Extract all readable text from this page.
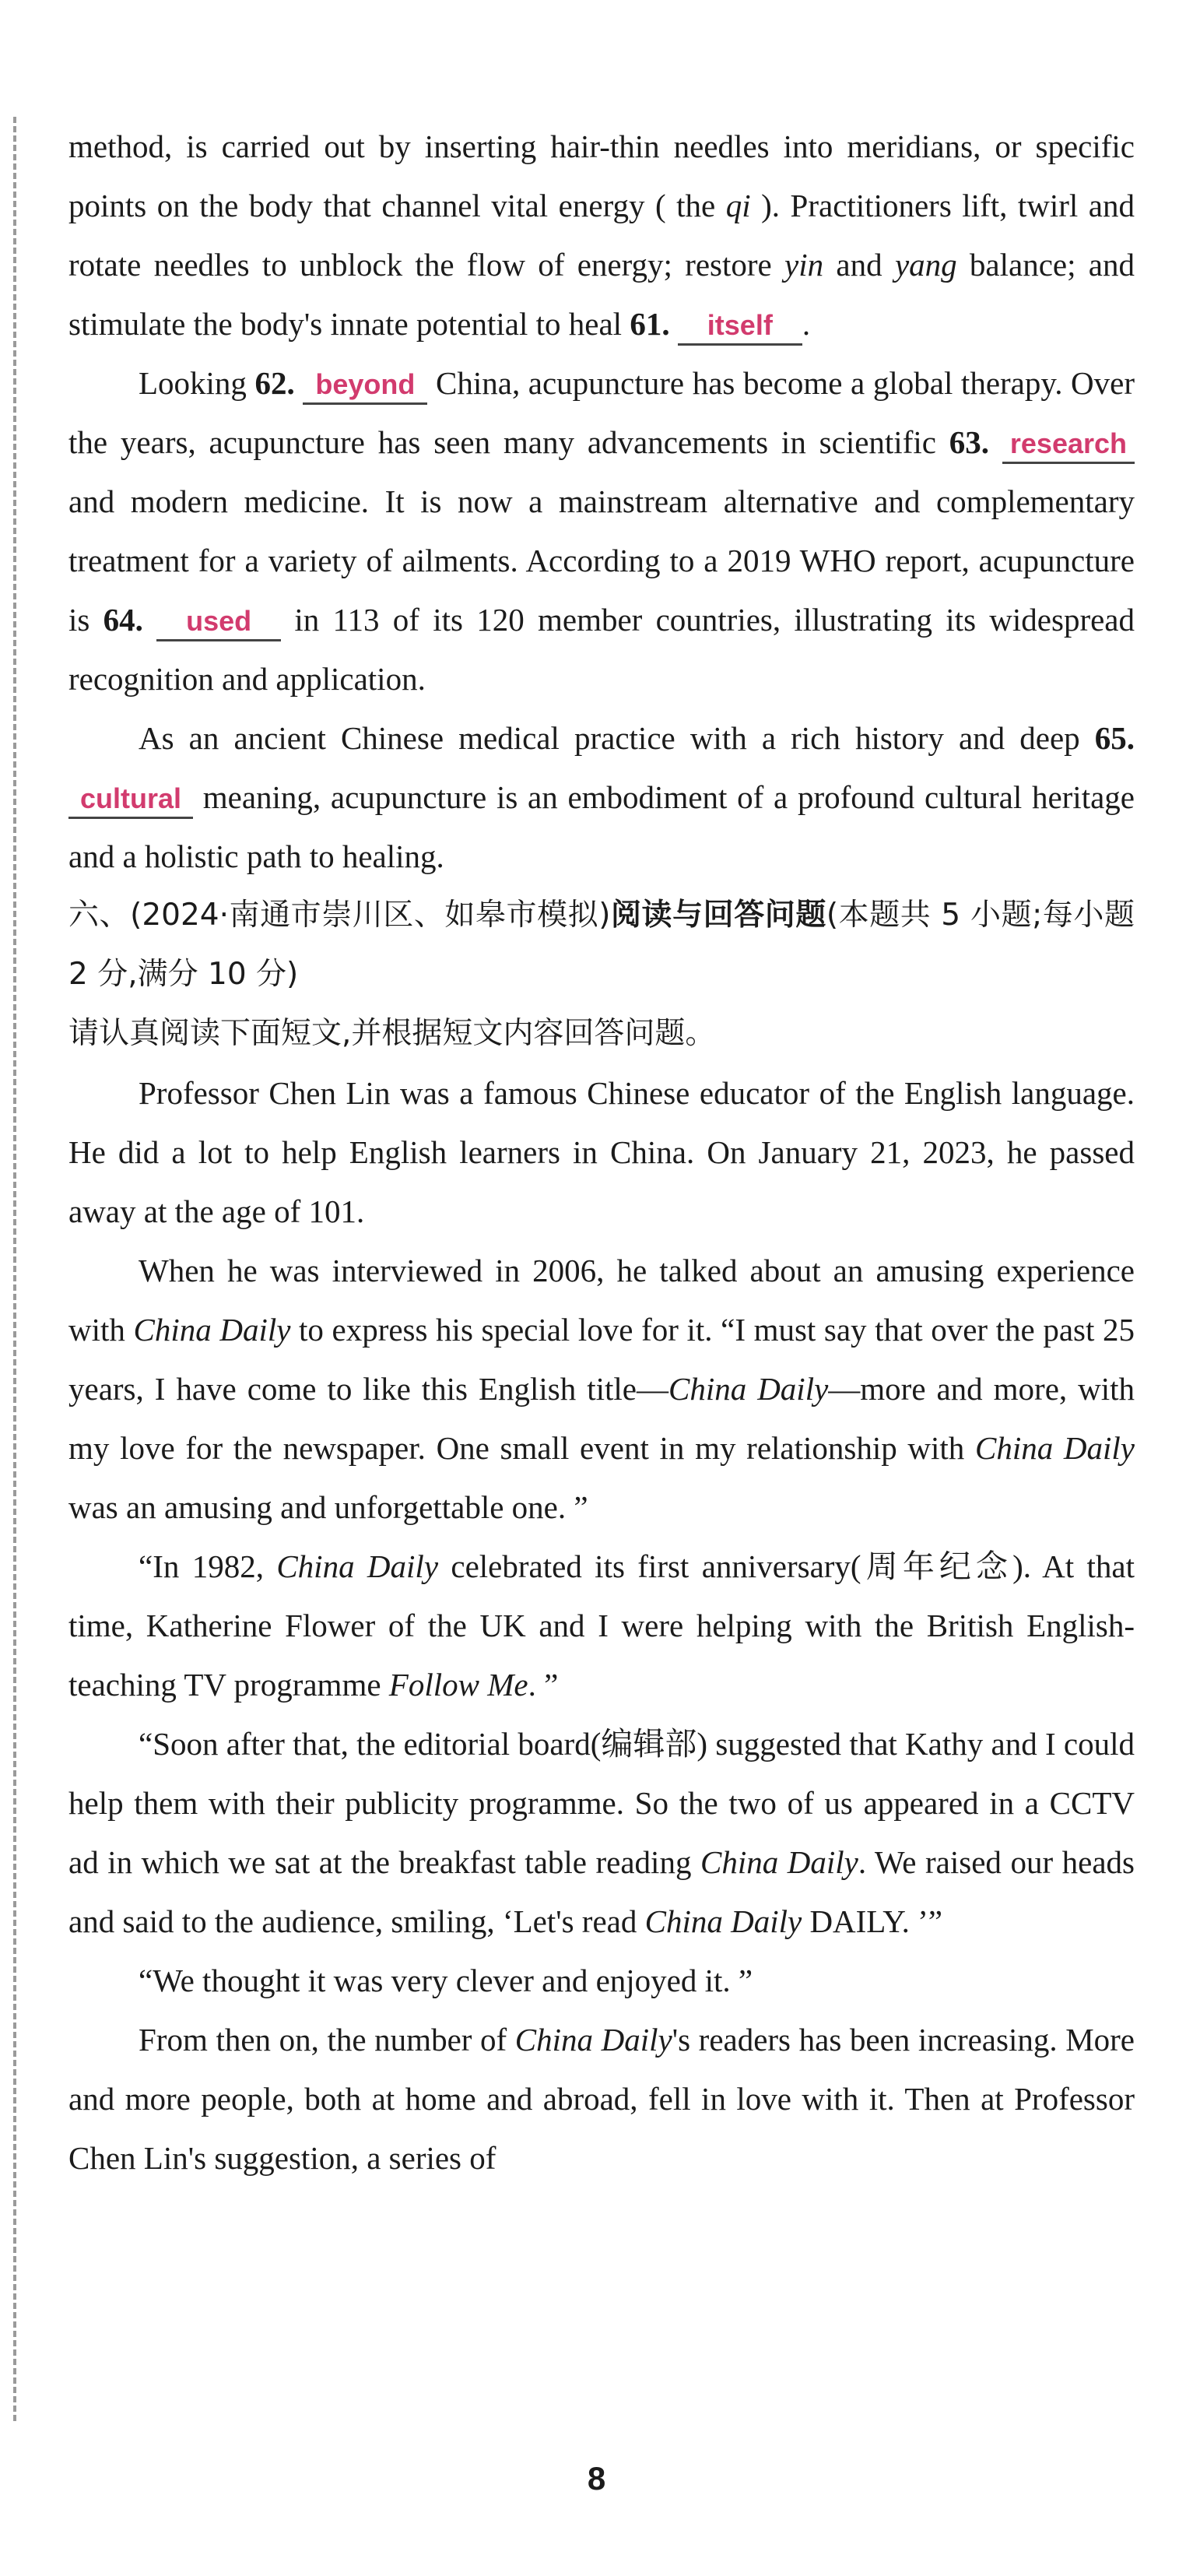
method, is carried out by inserting hair-thin needles into meridians, or specific points on the body that channel vital energy ( the qi ). Practitioners lift, twirl and rotate needles to unblock the flow of energy; restore yin and yang balance; and stimulate the body's innate potential to heal 61. itself .

Looking 62. beyond China, acupuncture has become a global therapy. Over the years, acupuncture has seen many advancements in scientific 63. research and modern medicine. It is now a mainstream alternative and complementary treatment for a variety of ailments. According to a 2019 WHO report, acupuncture is 64. used in 113 of its 120 member countries, illustrating its widespread recognition and application.

As an ancient Chinese medical practice with a rich history and deep 65. cultural meaning, acupuncture is an embodiment of a profound cultural heritage and a holistic path to healing.

六、(2024·南通市崇川区、如皋市模拟)阅读与回答问题(本题共 5 小题;每小题 2 分,满分 10 分)

请认真阅读下面短文,并根据短文内容回答问题。

Professor Chen Lin was a famous Chinese educator of the English language. He did a lot to help English learners in China. On January 21, 2023, he passed away at the age of 101.

When he was interviewed in 2006, he talked about an amusing experience with China Daily to express his special love for it. “I must say that over the past 25 years, I have come to like this English title—China Daily—more and more, with my love for the newspaper. One small event in my relationship with China Daily was an amusing and unforgettable one. ”

“In 1982, China Daily celebrated its first anniversary(周年纪念). At that time, Katherine Flower of the UK and I were helping with the British English-teaching TV programme Follow Me. ”

“Soon after that, the editorial board(编辑部) suggested that Kathy and I could help them with their publicity programme. So the two of us appeared in a CCTV ad in which we sat at the breakfast table reading China Daily. We raised our heads and said to the audience, smiling, ‘Let's read China Daily DAILY. ’”

“We thought it was very clever and enjoyed it. ”

From then on, the number of China Daily's readers has been increasing. More and more people, both at home and abroad, fell in love with it. Then at Professor Chen Lin's suggestion, a series of

8
